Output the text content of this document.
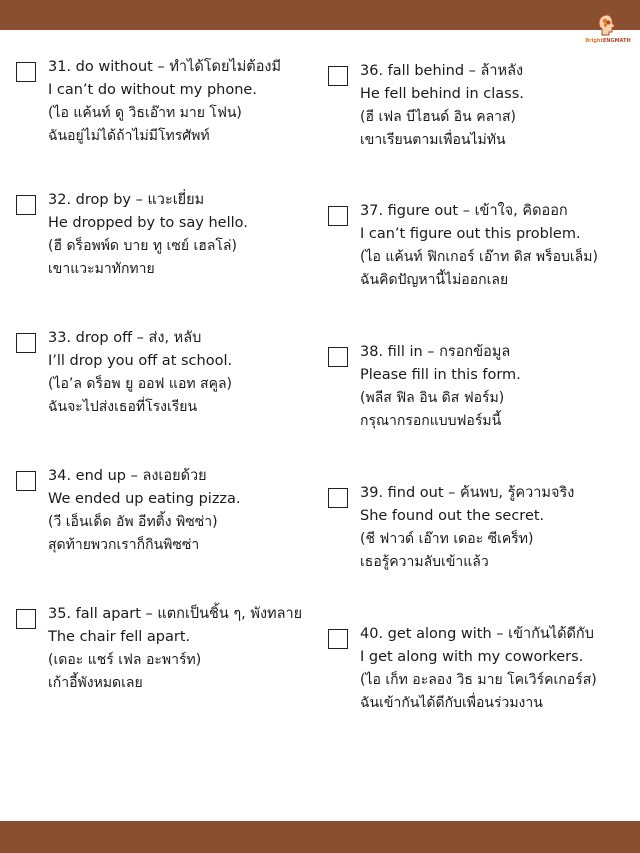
BrightENGMATH
31. do without – ทำได้โดยไม่ต้องมี
I can’t do without my phone.
(ไอ แค้นท์ ดู วิธเอ๊าท มาย โฟน)
ฉันอยู่ไม่ได้ถ้าไม่มีโทรศัพท์
32. drop by – แวะเยี่ยม
He dropped by to say hello.
(ฮี ดร็อพพ์ด บาย ทู เซย์ เฮลโล่)
เขาแวะมาทักทาย
33. drop off – ส่ง, หลับ
I’ll drop you off at school.
(ไอ’ล ดร็อพ ยู ออฟ แอท สคูล)
ฉันจะไปส่งเธอที่โรงเรียน
34. end up – ลงเอยด้วย
We ended up eating pizza.
(วี เอ็นเด็ด อัพ อีทติ้ง พิซซ่า)
สุดท้ายพวกเราก็กินพิซซ่า
35. fall apart – แตกเป็นชิ้น ๆ, พังทลาย
The chair fell apart.
(เดอะ แชร์ เฟล อะพาร์ท)
เก้าอี้พังหมดเลย
36. fall behind – ล้าหลัง
He fell behind in class.
(ฮี เฟล บีไฮนด์ อิน คลาส)
เขาเรียนตามเพื่อนไม่ทัน
37. figure out – เข้าใจ, คิดออก
I can’t figure out this problem.
(ไอ แค้นท์ ฟิกเกอร์ เอ๊าท ดิส พร็อบเล็ม)
ฉันคิดปัญหานี้ไม่ออกเลย
38. fill in – กรอกข้อมูล
Please fill in this form.
(พลีส ฟิล อิน ดิส ฟอร์ม)
กรุณากรอกแบบฟอร์มนี้
39. find out – ค้นพบ, รู้ความจริง
She found out the secret.
(ชี ฟาวด์ เอ๊าท เดอะ ซีเคร็ท)
เธอรู้ความลับเข้าแล้ว
40. get along with – เข้ากันได้ดีกับ
I get along with my coworkers.
(ไอ เก็ท อะลอง วิธ มาย โคเวิร์คเกอร์ส)
ฉันเข้ากันได้ดีกับเพื่อนร่วมงาน
